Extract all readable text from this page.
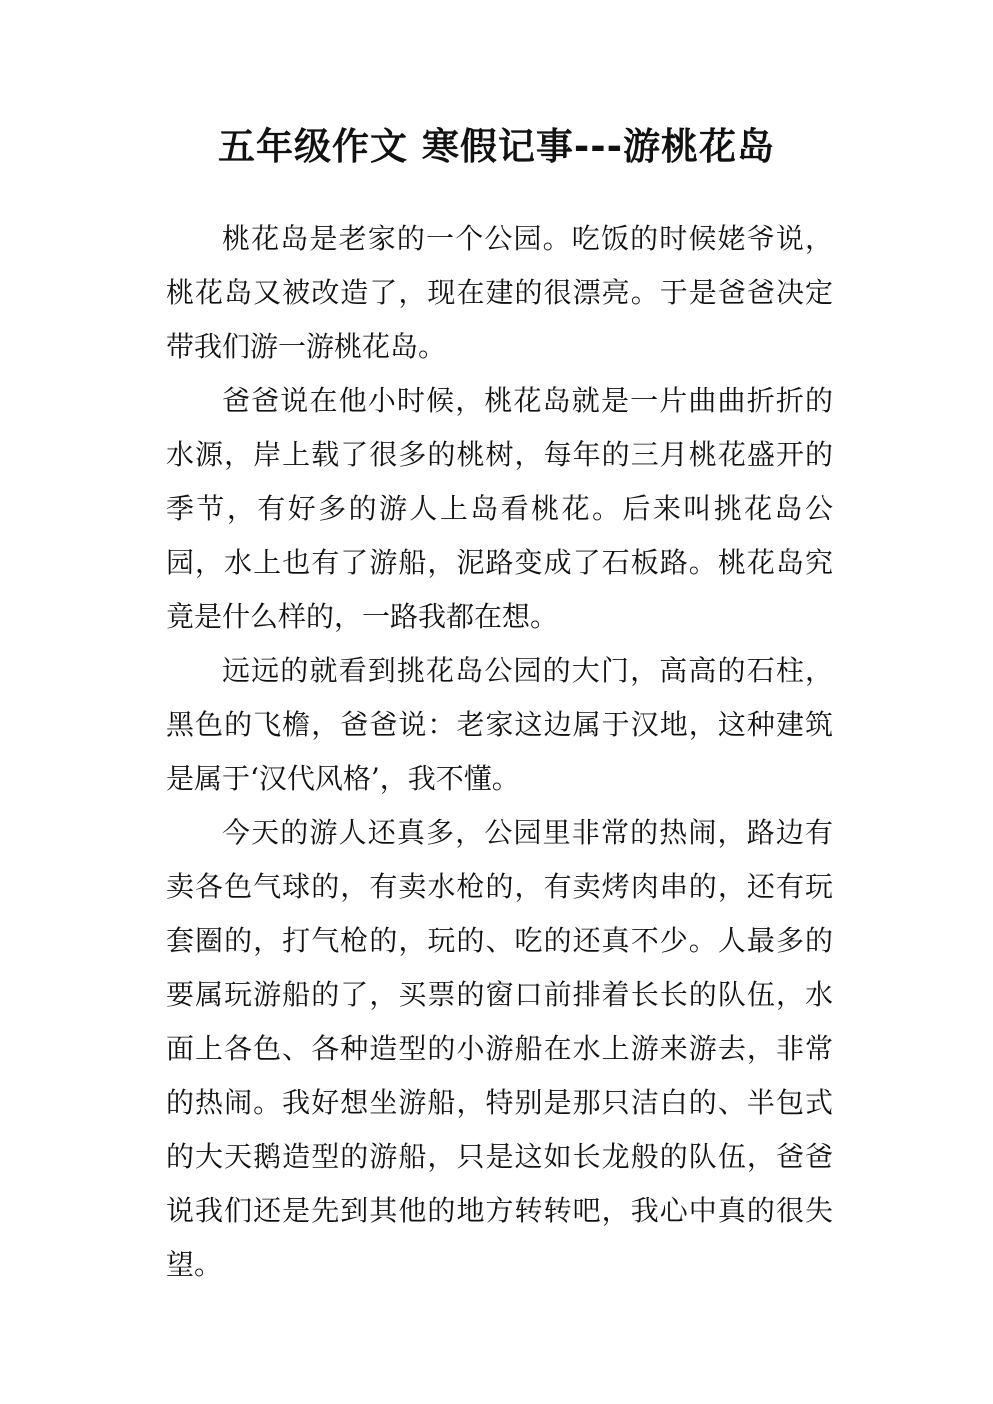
五年级作文 寒假记事---游桃花岛

桃花岛是老家的一个公园。吃饭的时候姥爷说，桃花岛又被改造了，现在建的很漂亮。于是爸爸决定带我们游一游桃花岛。

爸爸说在他小时候，桃花岛就是一片曲曲折折的水源，岸上载了很多的桃树，每年的三月桃花盛开的季节，有好多的游人上岛看桃花。后来叫挑花岛公园，水上也有了游船，泥路变成了石板路。桃花岛究竟是什么样的，一路我都在想。

远远的就看到挑花岛公园的大门，高高的石柱，黑色的飞檐，爸爸说：老家这边属于汉地，这种建筑是属于‘汉代风格’，我不懂。

今天的游人还真多，公园里非常的热闹，路边有卖各色气球的，有卖水枪的，有卖烤肉串的，还有玩套圈的，打气枪的，玩的、吃的还真不少。人最多的要属玩游船的了，买票的窗口前排着长长的队伍，水面上各色、各种造型的小游船在水上游来游去，非常的热闹。我好想坐游船，特别是那只洁白的、半包式的大天鹅造型的游船，只是这如长龙般的队伍，爸爸说我们还是先到其他的地方转转吧，我心中真的很失望。
